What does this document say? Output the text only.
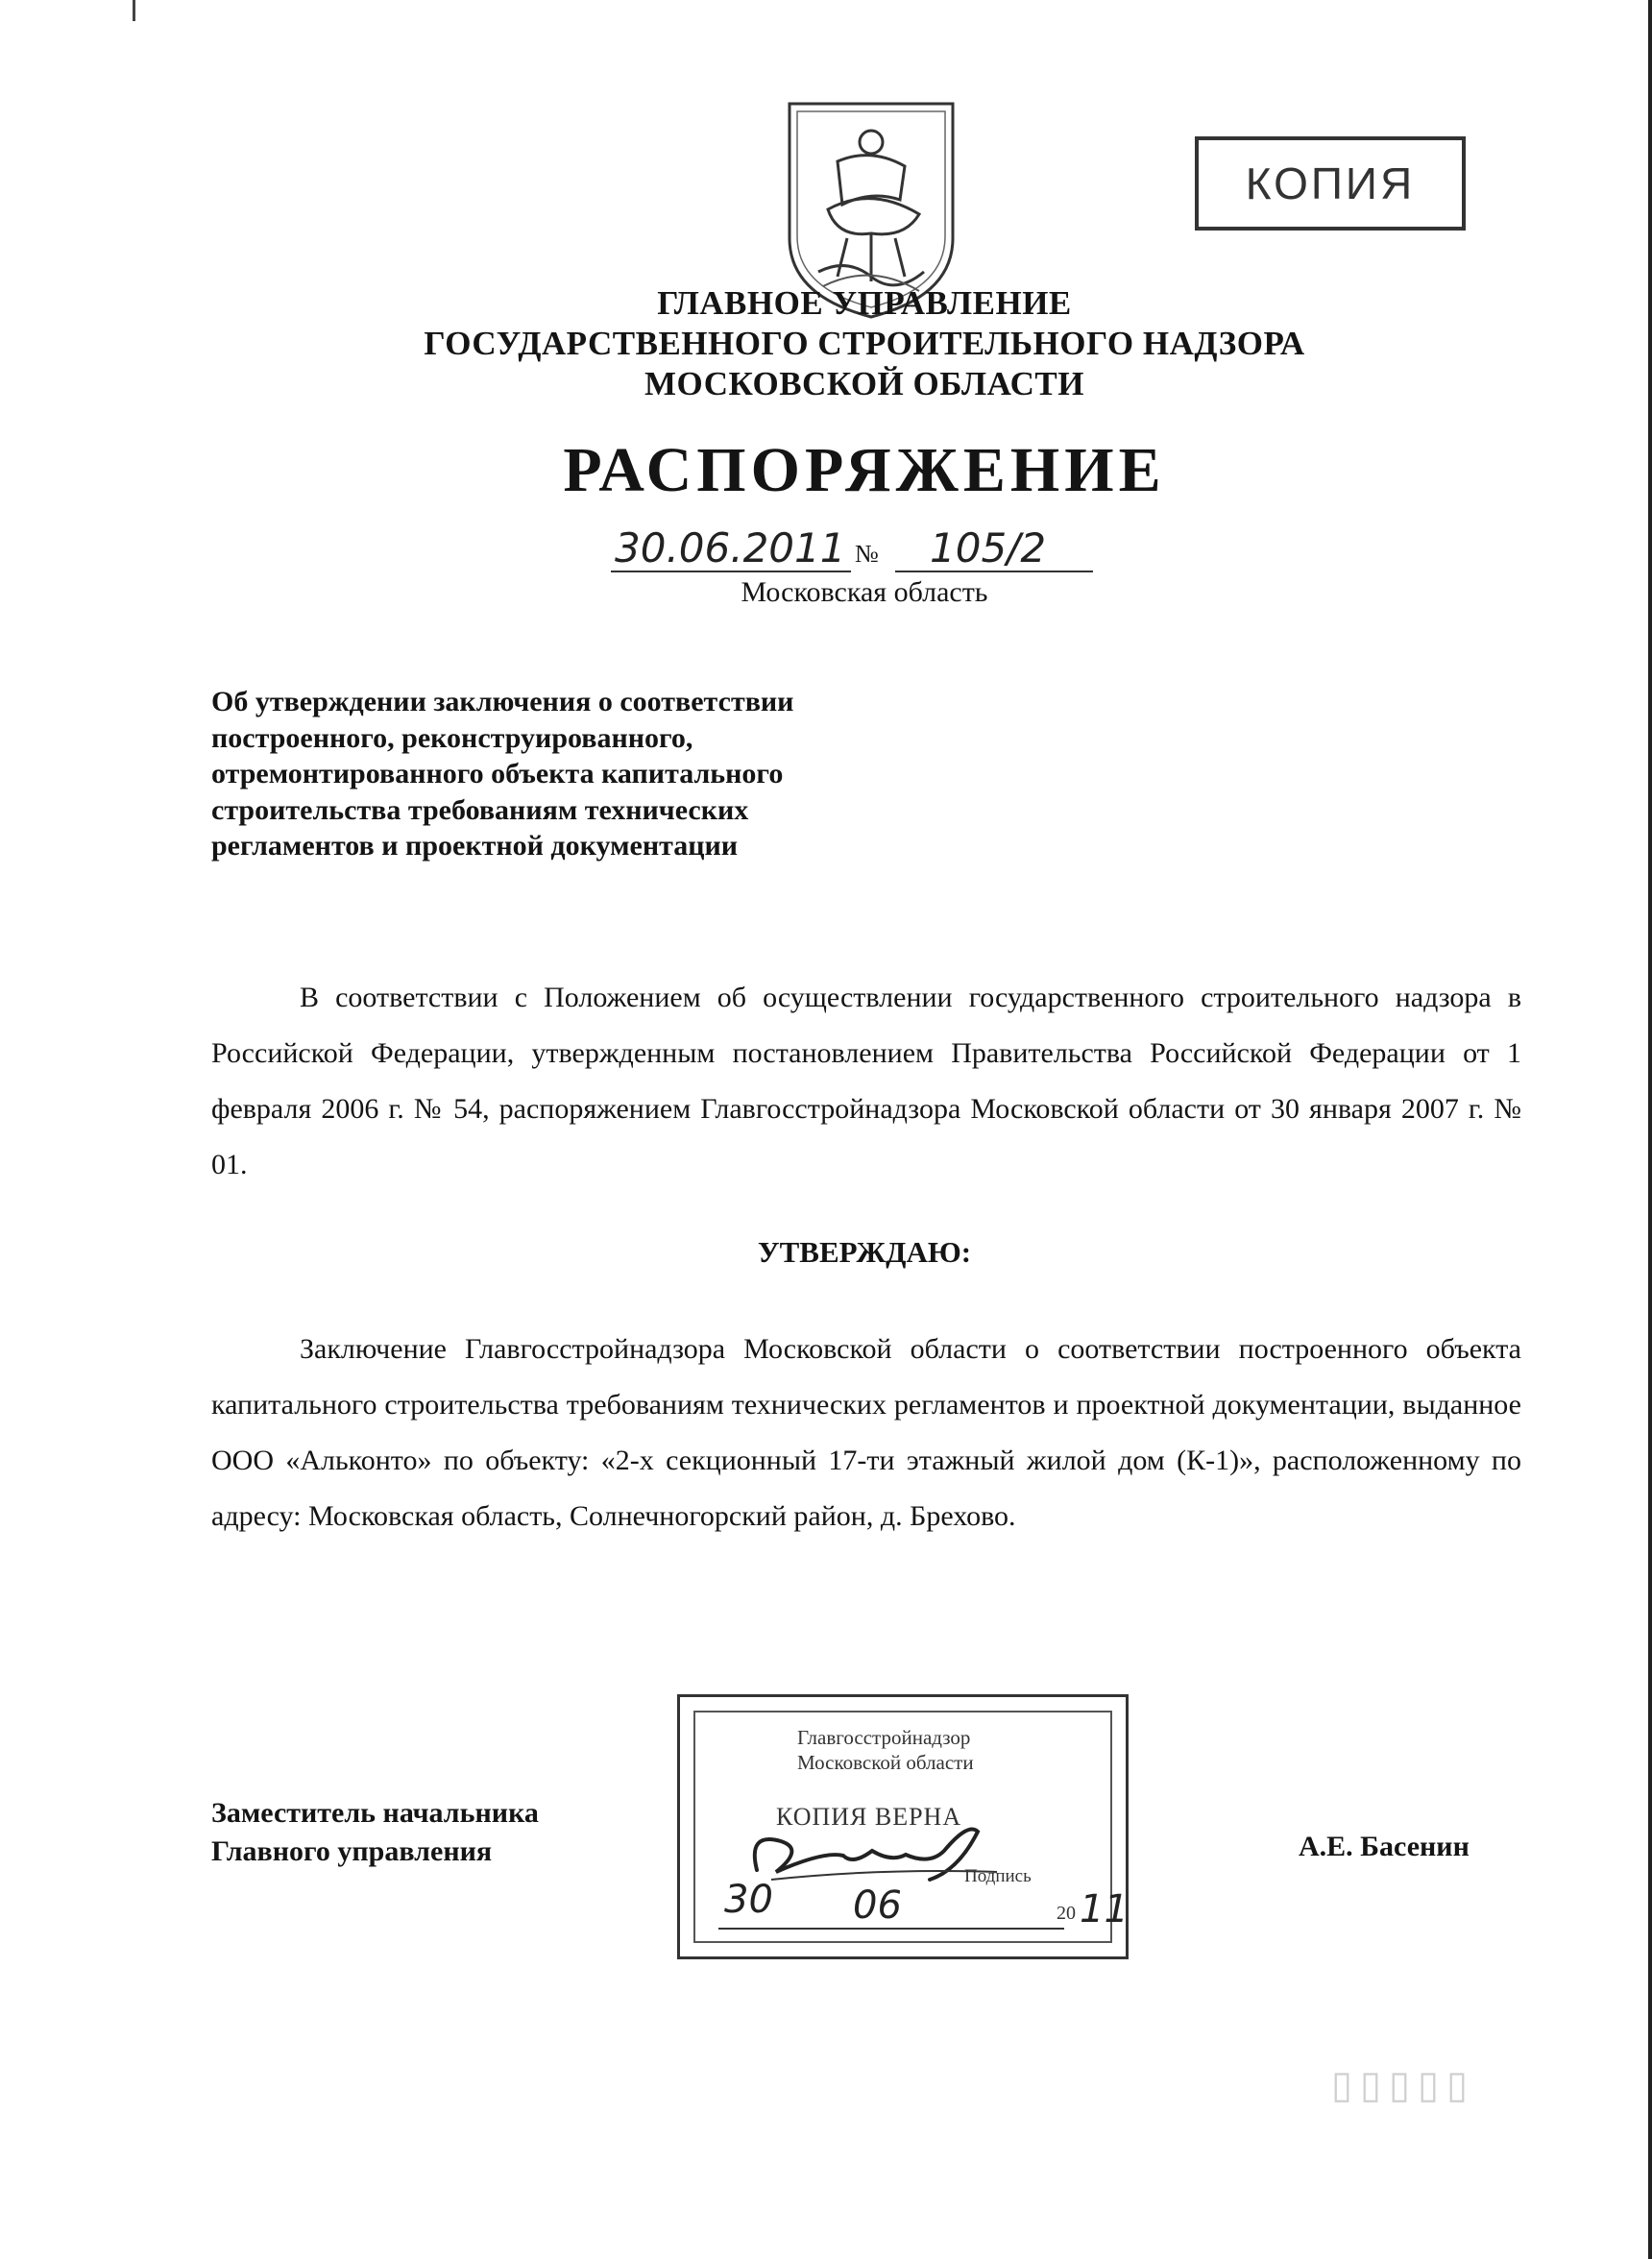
КОПИЯ
ГЛАВНОЕ УПРАВЛЕНИЕ
ГОСУДАРСТВЕННОГО СТРОИТЕЛЬНОГО НАДЗОРА
МОСКОВСКОЙ ОБЛАСТИ
РАСПОРЯЖЕНИЕ
30.06.2011 № 105/2
Московская область
Об утверждении заключения о соответствии
построенного, реконструированного,
отремонтированного объекта капитального
строительства требованиям технических
регламентов и проектной документации

В соответствии с Положением об осуществлении государственного строительного надзора в Российской Федерации, утвержденным постановлением Правительства Российской Федерации от 1 февраля 2006 г. № 54, распоряжением Главгосстройнадзора Московской области от 30 января 2007 г. № 01.

УТВЕРЖДАЮ:

Заключение Главгосстройнадзора Московской области о соответствии построенного объекта капитального строительства требованиям технических регламентов и проектной документации, выданное ООО «Альконто» по объекту: «2-х секционный 17-ти этажный жилой дом (К-1)», расположенному по адресу: Московская область, Солнечногорский район, д. Брехово.

Заместитель начальника
Главного управления	А.Е. Басенин
Главгосстройнадзор
Московской области
КОПИЯ ВЕРНА
Подпись
30 06	20 11
▯▯▯▯▯
